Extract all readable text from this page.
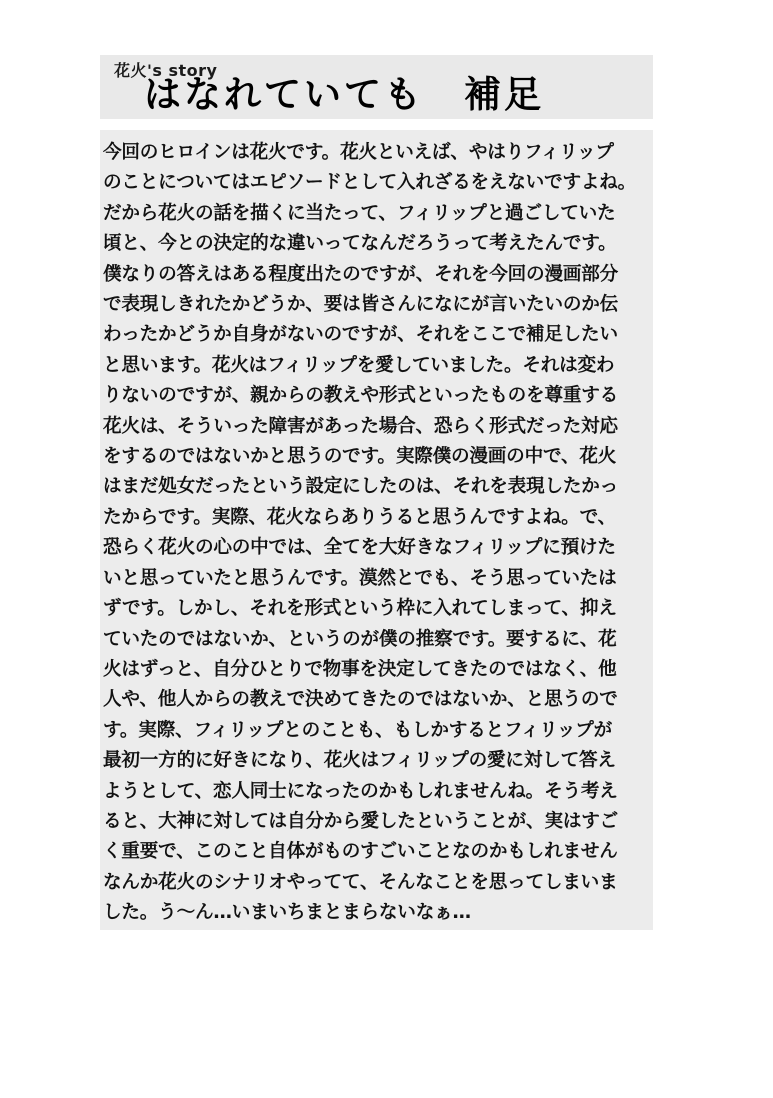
花火's story
はなれていても　補足
今回のヒロインは花火です。花火といえば、やはりフィリップ
のことについてはエピソードとして入れざるをえないですよね。
だから花火の話を描くに当たって、フィリップと過ごしていた
頃と、今との決定的な違いってなんだろうって考えたんです。
僕なりの答えはある程度出たのですが、それを今回の漫画部分
で表現しきれたかどうか、要は皆さんになにが言いたいのか伝
わったかどうか自身がないのですが、それをここで補足したい
と思います。花火はフィリップを愛していました。それは変わ
りないのですが、親からの教えや形式といったものを尊重する
花火は、そういった障害があった場合、恐らく形式だった対応
をするのではないかと思うのです。実際僕の漫画の中で、花火
はまだ処女だったという設定にしたのは、それを表現したかっ
たからです。実際、花火ならありうると思うんですよね。で、
恐らく花火の心の中では、全てを大好きなフィリップに預けた
いと思っていたと思うんです。漠然とでも、そう思っていたは
ずです。しかし、それを形式という枠に入れてしまって、抑え
ていたのではないか、というのが僕の推察です。要するに、花
火はずっと、自分ひとりで物事を決定してきたのではなく、他
人や、他人からの教えで決めてきたのではないか、と思うので
す。実際、フィリップとのことも、もしかするとフィリップが
最初一方的に好きになり、花火はフィリップの愛に対して答え
ようとして、恋人同士になったのかもしれませんね。そう考え
ると、大神に対しては自分から愛したということが、実はすご
く重要で、このこと自体がものすごいことなのかもしれません
なんか花火のシナリオやってて、そんなことを思ってしまいま
した。う〜ん…いまいちまとまらないなぁ…
